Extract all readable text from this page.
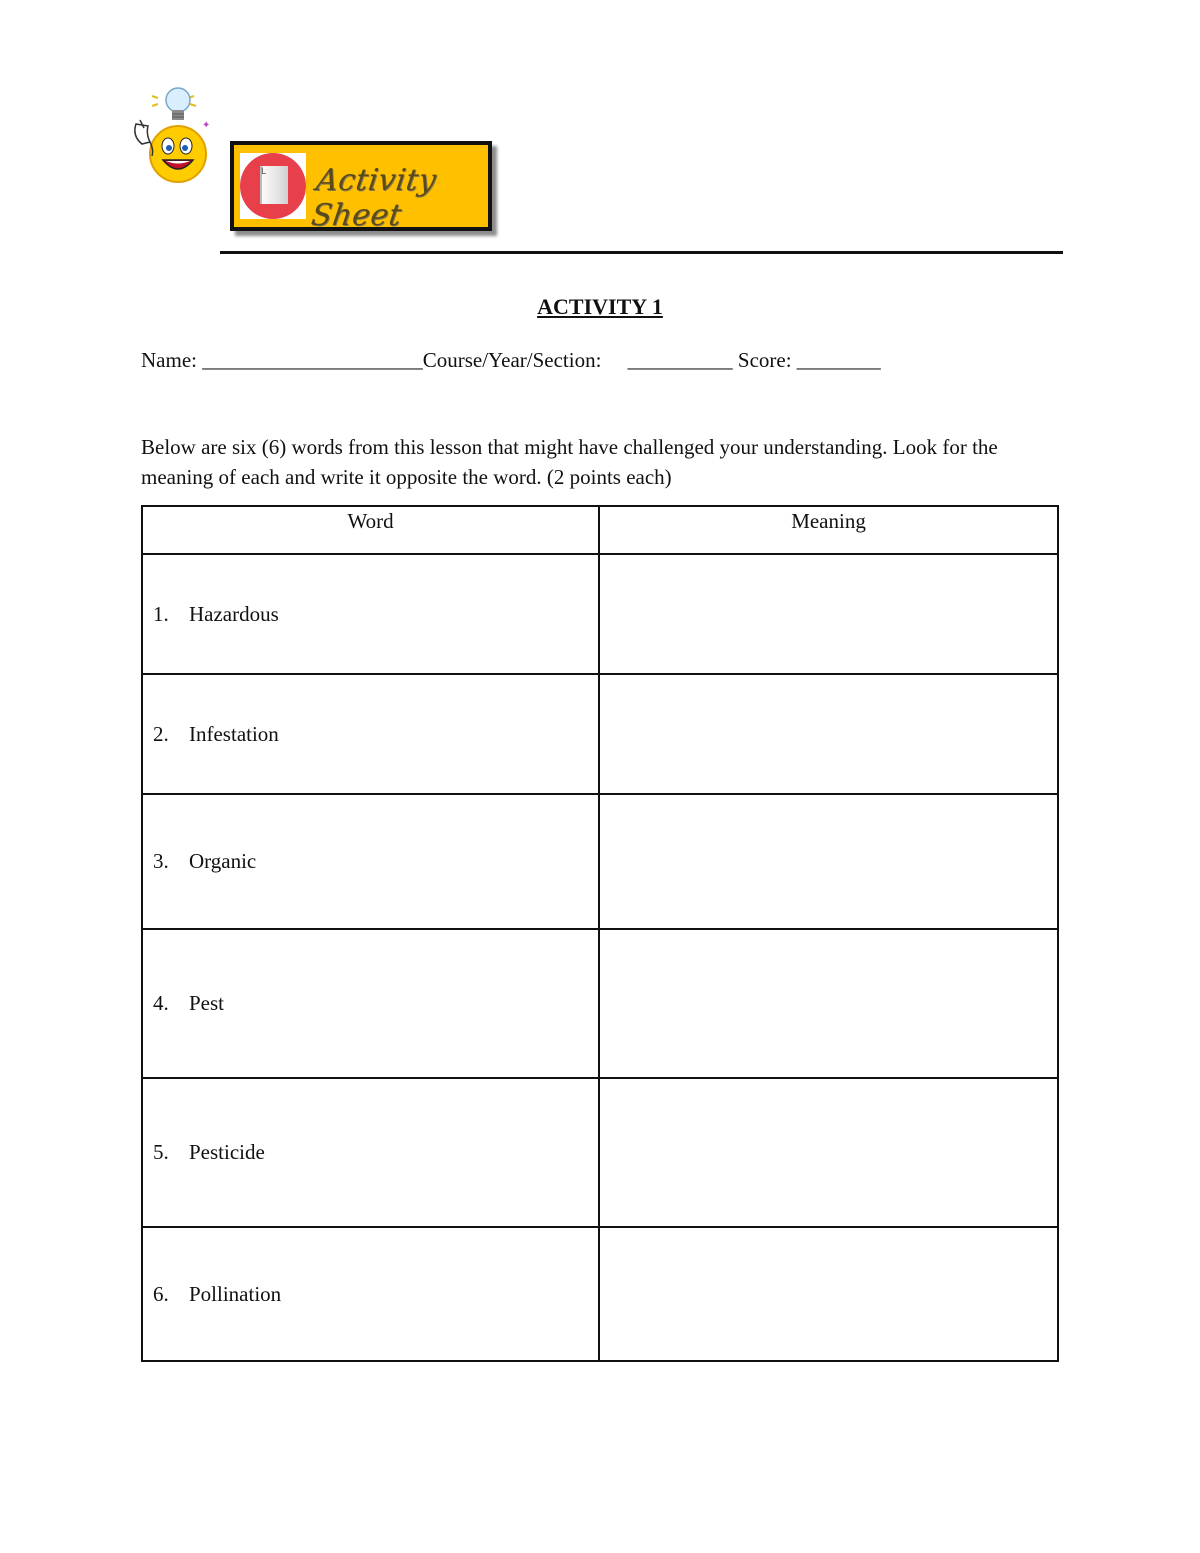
✦
L Activity Sheet
ACTIVITY 1
Name: _____________________Course/Year/Section:     __________ Score: ________
Below are six (6) words from this lesson that might have challenged your understanding. Look for the meaning of each and write it opposite the word. (2 points each)
Word	Meaning
1. Hazardous	
2. Infestation	
3. Organic	
4. Pest	
5. Pesticide	
6. Pollination	
